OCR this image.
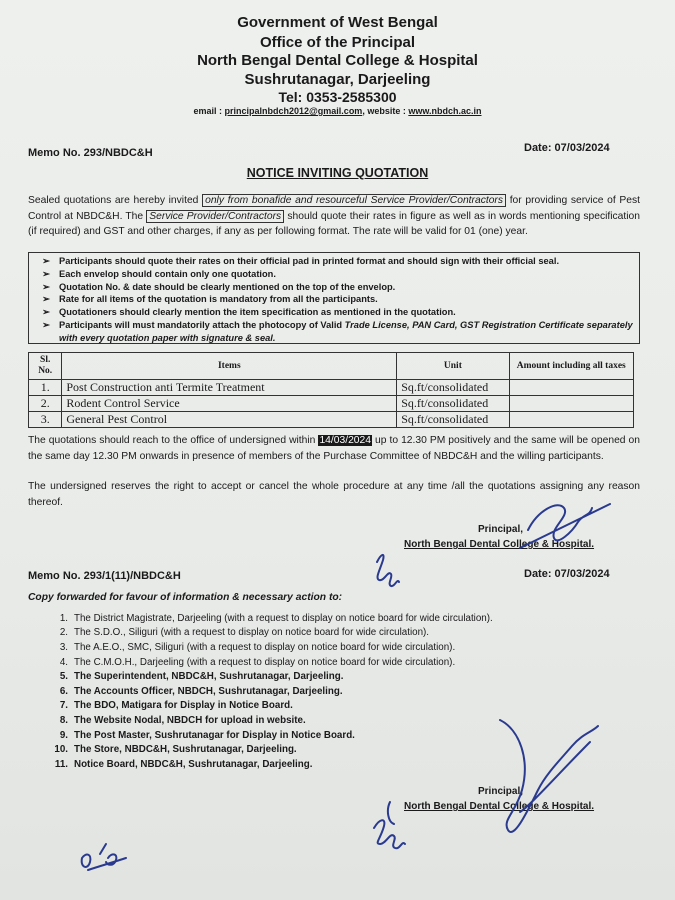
Government of West Bengal
Office of the Principal
North Bengal Dental College & Hospital
Sushrutanagar, Darjeeling
Tel: 0353-2585300
email : principalnbdch2012@gmail.com, website : www.nbdch.ac.in
Memo No. 293/NBDC&H	Date: 07/03/2024
NOTICE INVITING QUOTATION
Sealed quotations are hereby invited only from bonafide and resourceful Service Provider/Contractors for providing service of Pest Control at NBDC&H. The Service Provider/Contractors should quote their rates in figure as well as in words mentioning specification (if required) and GST and other charges, if any as per following format. The rate will be valid for 01 (one) year.
➢ Participants should quote their rates on their official pad in printed format and should sign with their official seal.
➢ Each envelop should contain only one quotation.
➢ Quotation No. & date should be clearly mentioned on the top of the envelop.
➢ Rate for all items of the quotation is mandatory from all the participants.
➢ Quotationers should clearly mention the item specification as mentioned in the quotation.
➢ Participants will must mandatorily attach the photocopy of Valid Trade License, PAN Card, GST Registration Certificate separately with every quotation paper with signature & seal.
Sl. No.	Items	Unit	Amount including all taxes
1.	Post Construction anti Termite Treatment	Sq.ft/consolidated	
2.	Rodent Control Service	Sq.ft/consolidated	
3.	General Pest Control	Sq.ft/consolidated	
The quotations should reach to the office of undersigned within 14/03/2024 up to 12.30 PM positively and the same will be opened on the same day 12.30 PM onwards in presence of members of the Purchase Committee of NBDC&H and the willing participants.
The undersigned reserves the right to accept or cancel the whole procedure at any time /all the quotations assigning any reason thereof.
Principal,
North Bengal Dental College & Hospital.
Memo No. 293/1(11)/NBDC&H	Date: 07/03/2024
Copy forwarded for favour of information & necessary action to:
1. The District Magistrate, Darjeeling (with a request to display on notice board for wide circulation).
2. The S.D.O., Siliguri (with a request to display on notice board for wide circulation).
3. The A.E.O., SMC, Siliguri (with a request to display on notice board for wide circulation).
4. The C.M.O.H., Darjeeling (with a request to display on notice board for wide circulation).
5. The Superintendent, NBDC&H, Sushrutanagar, Darjeeling.
6. The Accounts Officer, NBDCH, Sushrutanagar, Darjeeling.
7. The BDO, Matigara for Display in Notice Board.
8. The Website Nodal, NBDCH for upload in website.
9. The Post Master, Sushrutanagar for Display in Notice Board.
10. The Store, NBDC&H, Sushrutanagar, Darjeeling.
11. Notice Board, NBDC&H, Sushrutanagar, Darjeeling.
Principal,
North Bengal Dental College & Hospital.
